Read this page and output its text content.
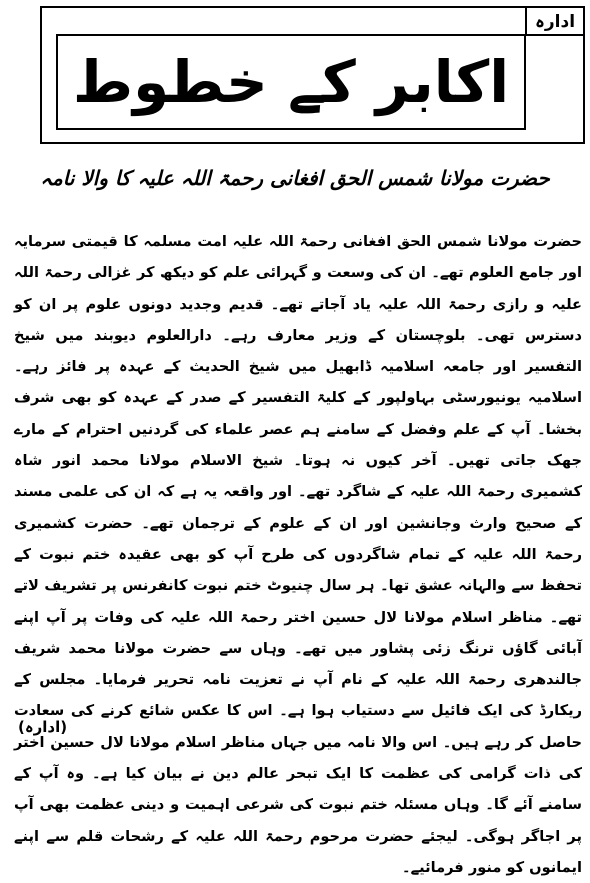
ادارہ
اکابر کے خطوط
حضرت مولانا شمس الحق افغانی رحمۃ اللہ علیہ کا والا نامہ

حضرت مولانا شمس الحق افغانی رحمۃ اللہ علیہ امت مسلمہ کا قیمتی سرمایہ اور جامع العلوم تھے۔ ان کی وسعت و گہرائی علم کو دیکھ کر غزالی رحمۃ اللہ علیہ و رازی رحمۃ اللہ علیہ یاد آجاتے تھے۔ قدیم وجدید دونوں علوم پر ان کو دسترس تھی۔ بلوچستان کے وزیر معارف رہے۔ دارالعلوم دیوبند میں شیخ التفسیر اور جامعہ اسلامیہ ڈابھیل میں شیخ الحدیث کے عہدہ پر فائز رہے۔ اسلامیہ یونیورسٹی بہاولپور کے کلیۃ التفسیر کے صدر کے عہدہ کو بھی شرف بخشا۔ آپ کے علم وفضل کے سامنے ہم عصر علماء کی گردنیں احترام کے مارے جھک جاتی تھیں۔ آخر کیوں نہ ہوتا۔ شیخ الاسلام مولانا محمد انور شاہ کشمیری رحمۃ اللہ علیہ کے شاگرد تھے۔ اور واقعہ یہ ہے کہ ان کی علمی مسند کے صحیح وارث وجانشین اور ان کے علوم کے ترجمان تھے۔ حضرت کشمیری رحمۃ اللہ علیہ کے تمام شاگردوں کی طرح آپ کو بھی عقیدہ ختم نبوت کے تحفظ سے والہانہ عشق تھا۔ ہر سال چنیوٹ ختم نبوت کانفرنس پر تشریف لاتے تھے۔ مناظر اسلام مولانا لال حسین اختر رحمۃ اللہ علیہ کی وفات پر آپ اپنے آبائی گاؤں ترنگ زئی پشاور میں تھے۔ وہاں سے حضرت مولانا محمد شریف جالندھری رحمۃ اللہ علیہ کے نام آپ نے تعزیت نامہ تحریر فرمایا۔ مجلس کے ریکارڈ کی ایک فائیل سے دستیاب ہوا ہے۔ اس کا عکس شائع کرنے کی سعادت حاصل کر رہے ہیں۔ اس والا نامہ میں جہاں مناظر اسلام مولانا لال حسین اختر کی ذات گرامی کی عظمت کا ایک تبحر عالم دین نے بیان کیا ہے۔ وہ آپ کے سامنے آئے گا۔ وہاں مسئلہ ختم نبوت کی شرعی اہمیت و دینی عظمت بھی آپ پر اجاگر ہوگی۔ لیجئے حضرت مرحوم رحمۃ اللہ علیہ کے رشحات قلم سے اپنے ایمانوں کو منور فرمائیے۔

(ادارہ)
